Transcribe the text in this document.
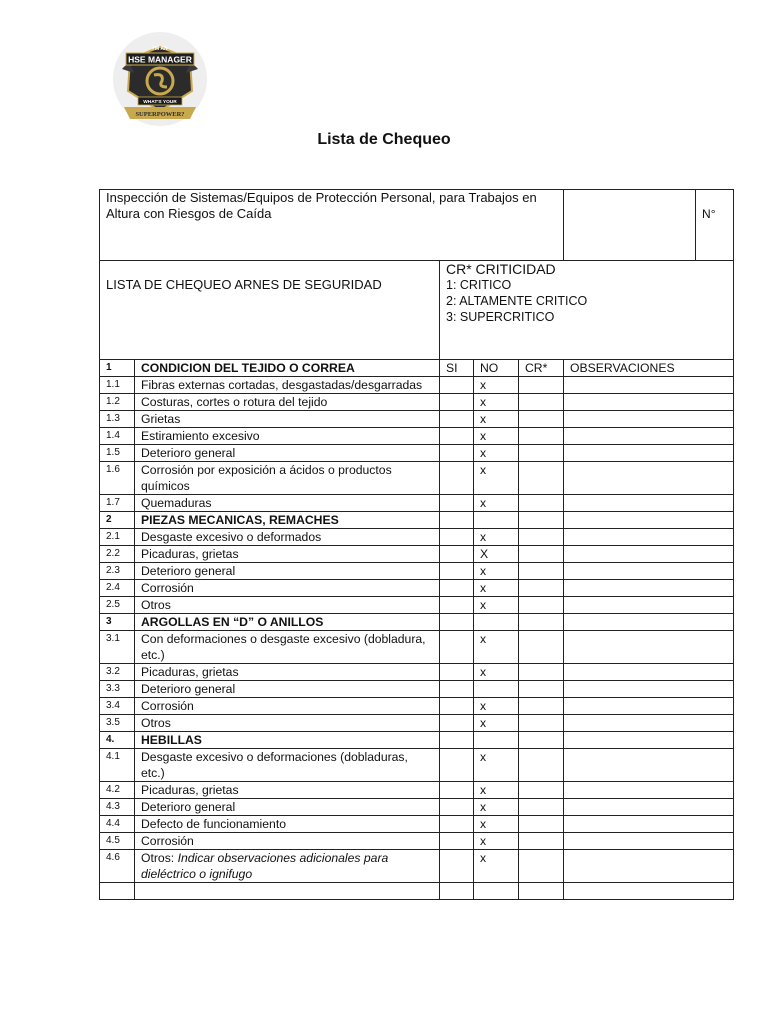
I'M AN
HSE MANAGER
WHAT'S YOUR
SUPERPOWER?
Lista de Chequeo
Inspección de Sistemas/Equipos de Protección Personal, para Trabajos en Altura con Riesgos de Caída					N°

LISTA DE CHEQUEO ARNES DE SEGURIDAD		CR* CRITICIDAD
1: CRITICO
2: ALTAMENTE CRITICO
3: SUPERCRITICO			

1	CONDICION DEL TEJIDO O CORREA	SI	NO	CR*	OBSERVACIONES
1.1	Fibras externas cortadas, desgastadas/desgarradas		x		
1.2	Costuras, cortes o rotura del tejido		x		
1.3	Grietas		x		
1.4	Estiramiento excesivo		x		
1.5	Deterioro general		x		
1.6	Corrosión por exposición a ácidos o productos químicos		x		
1.7	Quemaduras		x		
2	PIEZAS MECANICAS, REMACHES				
2.1	Desgaste excesivo o deformados		x		
2.2	Picaduras, grietas		X		
2.3	Deterioro general		x		
2.4	Corrosión		x		
2.5	Otros		x		
3	ARGOLLAS EN “D” O ANILLOS				
3.1	Con deformaciones o desgaste excesivo (dobladura, etc.)		x		
3.2	Picaduras, grietas		x		
3.3	Deterioro general				
3.4	Corrosión		x		
3.5	Otros		x		
4.	HEBILLAS				
4.1	Desgaste excesivo o deformaciones (dobladuras, etc.)		x		
4.2	Picaduras, grietas		x		
4.3	Deterioro general		x		
4.4	Defecto de funcionamiento		x		
4.5	Corrosión		x		
4.6	Otros: Indicar observaciones adicionales para dieléctrico o ignifugo		x		
